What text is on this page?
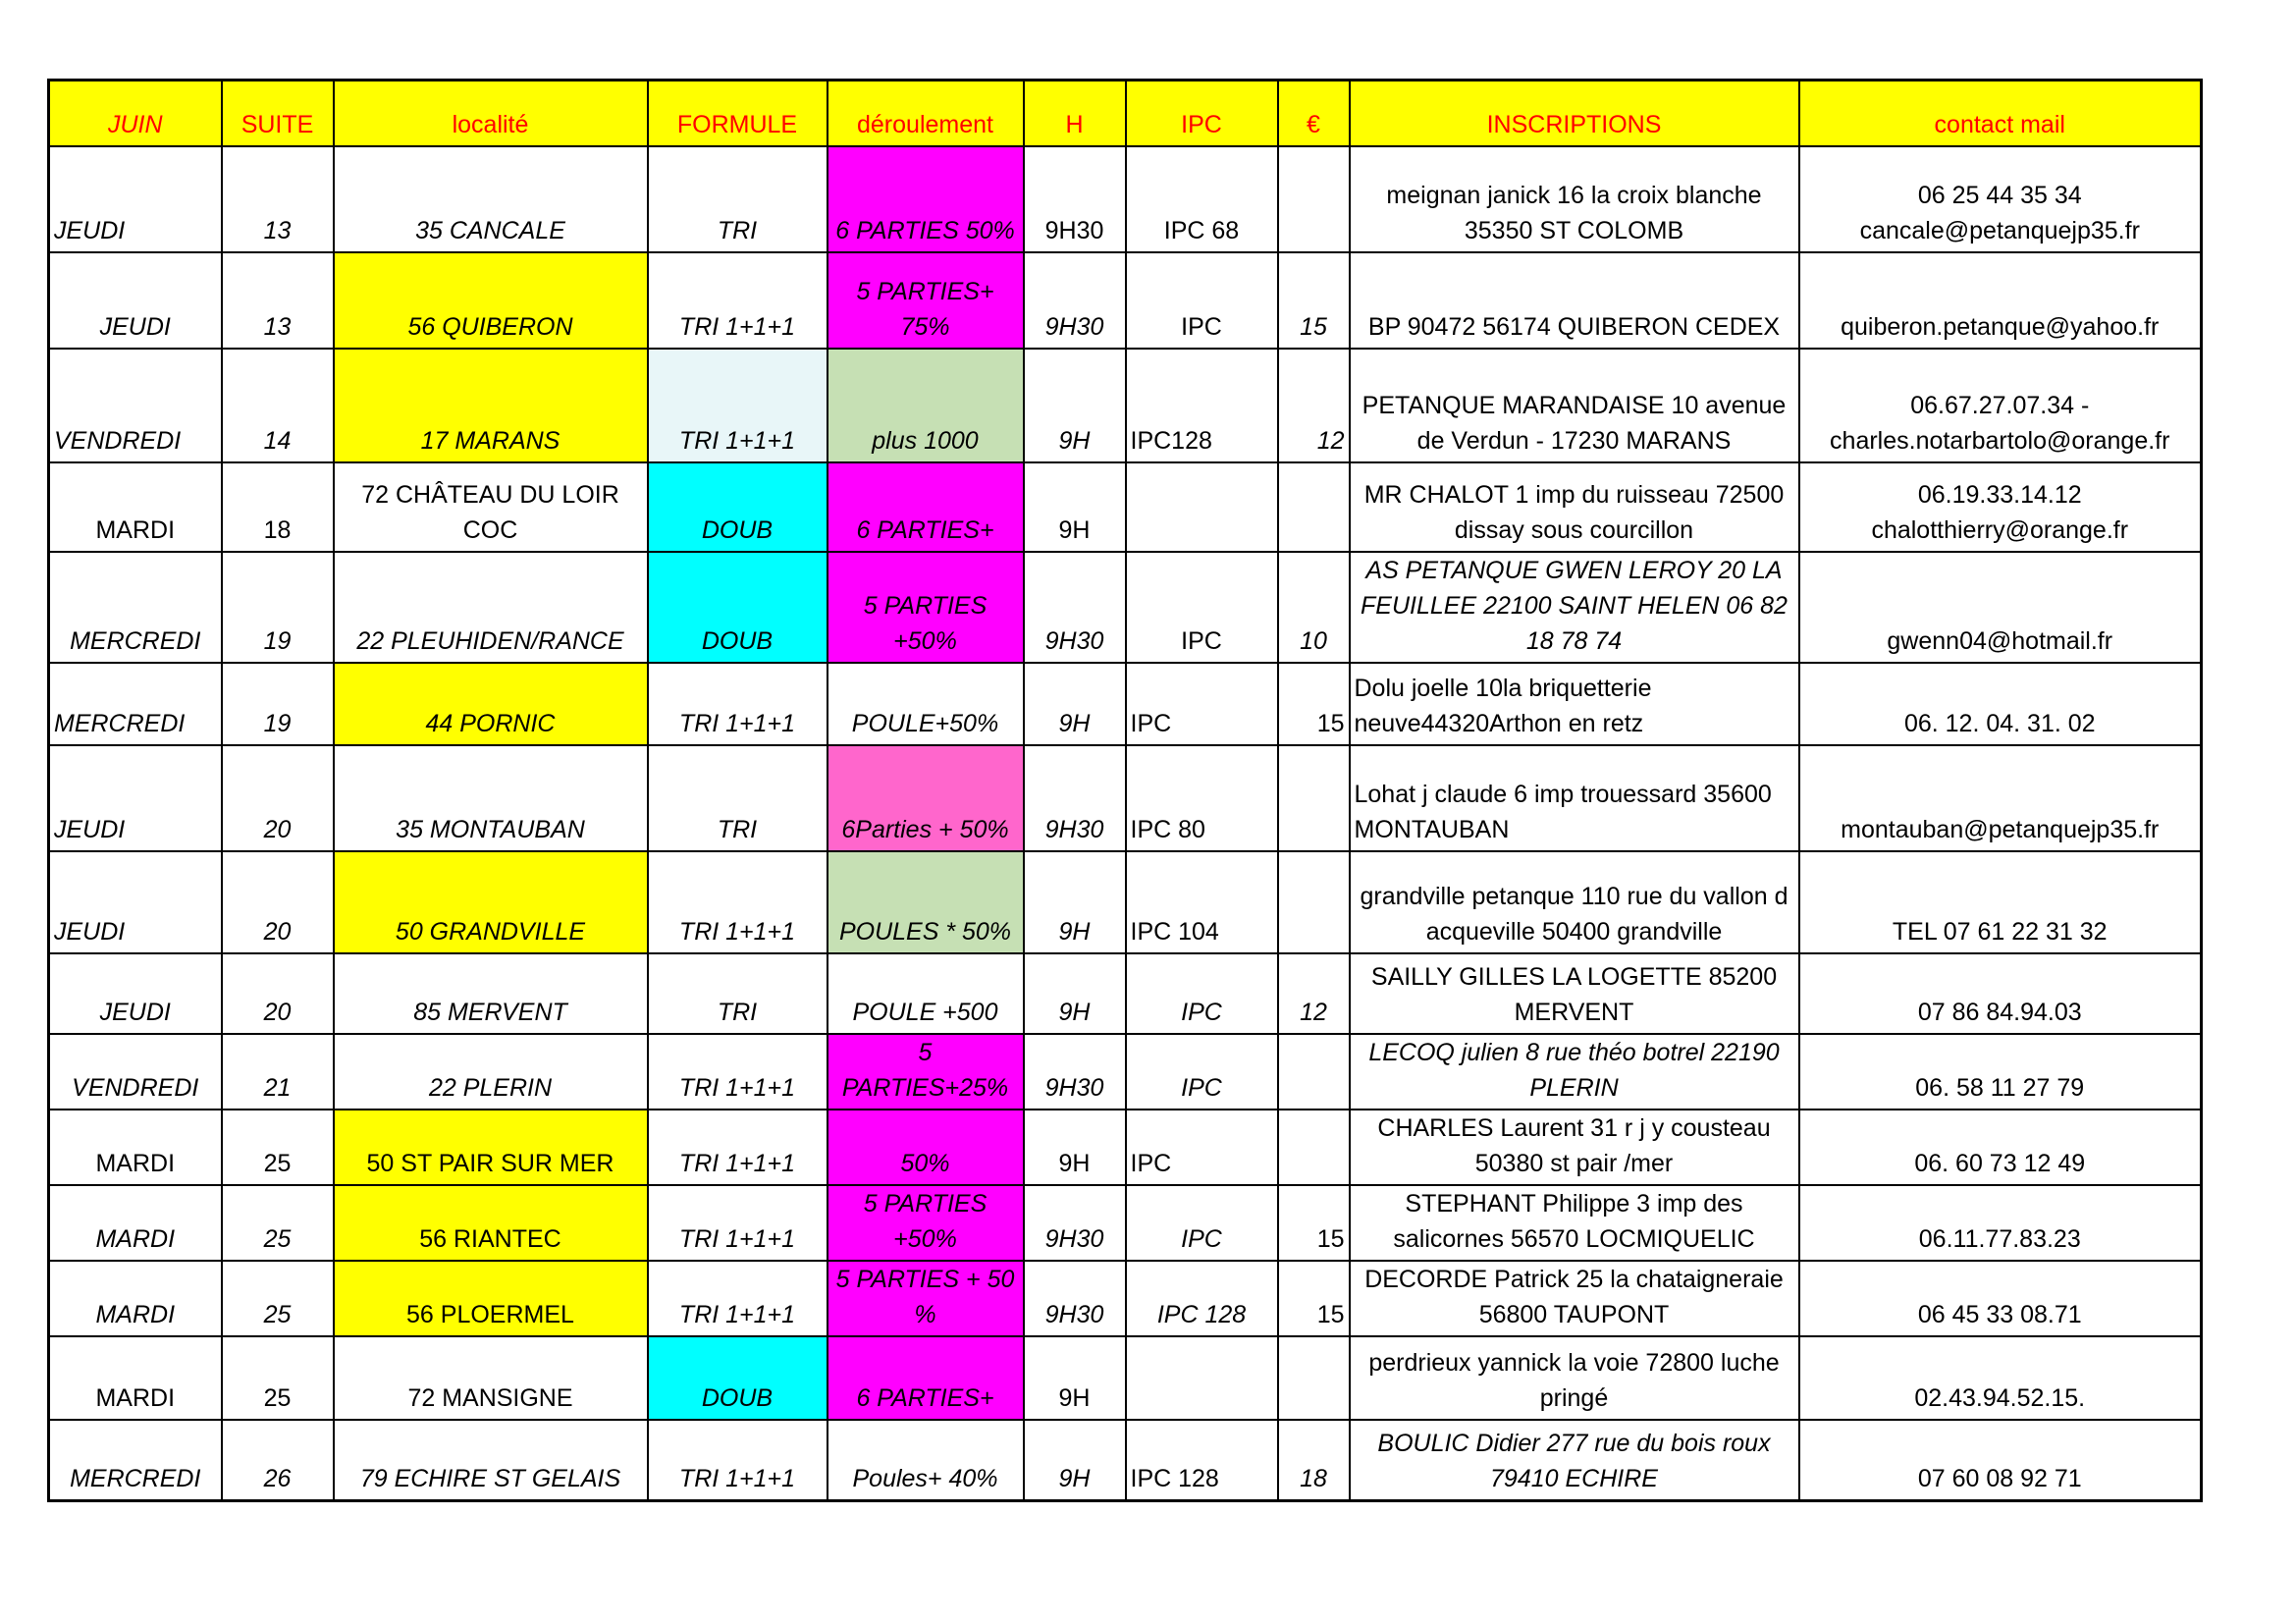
JUIN	SUITE	localité	FORMULE	déroulement	H	IPC	€	INSCRIPTIONS	contact mail
JEUDI	13	35 CANCALE	TRI	6 PARTIES 50%	9H30	IPC 68		meignan janick 16 la croix blanche 35350 ST COLOMB	06 25 44 35 34 cancale@petanquejp35.fr
JEUDI	13	56 QUIBERON	TRI 1+1+1	5 PARTIES+ 75%	9H30	IPC	15	BP 90472 56174 QUIBERON CEDEX	quiberon.petanque@yahoo.fr
VENDREDI	14	17 MARANS	TRI 1+1+1	plus 1000	9H	IPC128	12	PETANQUE MARANDAISE 10 avenue de Verdun - 17230 MARANS	06.67.27.07.34 - charles.notarbartolo@orange.fr
MARDI	18	72 CHÂTEAU DU LOIR COC	DOUB	6 PARTIES+	9H			MR CHALOT 1 imp du ruisseau 72500 dissay sous courcillon	06.19.33.14.12 chalotthierry@orange.fr
MERCREDI	19	22 PLEUHIDEN/RANCE	DOUB	5 PARTIES +50%	9H30	IPC	10	AS PETANQUE GWEN LEROY 20 LA FEUILLEE 22100 SAINT HELEN 06 82 18 78 74	gwenn04@hotmail.fr
MERCREDI	19	44 PORNIC	TRI 1+1+1	POULE+50%	9H	IPC	15	Dolu joelle 10la briquetterie neuve44320Arthon en retz	06. 12. 04. 31. 02
JEUDI	20	35 MONTAUBAN	TRI	6Parties + 50%	9H30	IPC 80		Lohat j claude 6 imp trouessard 35600 MONTAUBAN	montauban@petanquejp35.fr
JEUDI	20	50 GRANDVILLE	TRI 1+1+1	POULES * 50%	9H	IPC 104		grandville petanque 110 rue du vallon d acqueville 50400 grandville	TEL 07 61 22 31 32
JEUDI	20	85 MERVENT	TRI	POULE +500	9H	IPC	12	SAILLY GILLES LA LOGETTE 85200 MERVENT	07 86 84.94.03
VENDREDI	21	22 PLERIN	TRI 1+1+1	5 PARTIES+25%	9H30	IPC		LECOQ julien 8 rue théo botrel 22190 PLERIN	06. 58 11 27 79
MARDI	25	50 ST PAIR SUR MER	TRI 1+1+1	50%	9H	IPC		CHARLES Laurent 31 r j y cousteau 50380 st pair /mer	06. 60 73 12 49
MARDI	25	56 RIANTEC	TRI 1+1+1	5 PARTIES +50%	9H30	IPC	15	STEPHANT Philippe 3 imp des salicornes 56570 LOCMIQUELIC	06.11.77.83.23
MARDI	25	56 PLOERMEL	TRI 1+1+1	5 PARTIES + 50 %	9H30	IPC 128	15	DECORDE Patrick 25 la chataigneraie 56800 TAUPONT	06 45 33 08.71
MARDI	25	72 MANSIGNE	DOUB	6 PARTIES+	9H			perdrieux yannick la voie 72800 luche pringé	02.43.94.52.15.
MERCREDI	26	79 ECHIRE ST GELAIS	TRI 1+1+1	Poules+ 40%	9H	IPC 128	18	BOULIC Didier 277 rue du bois roux 79410 ECHIRE	07 60 08 92 71
